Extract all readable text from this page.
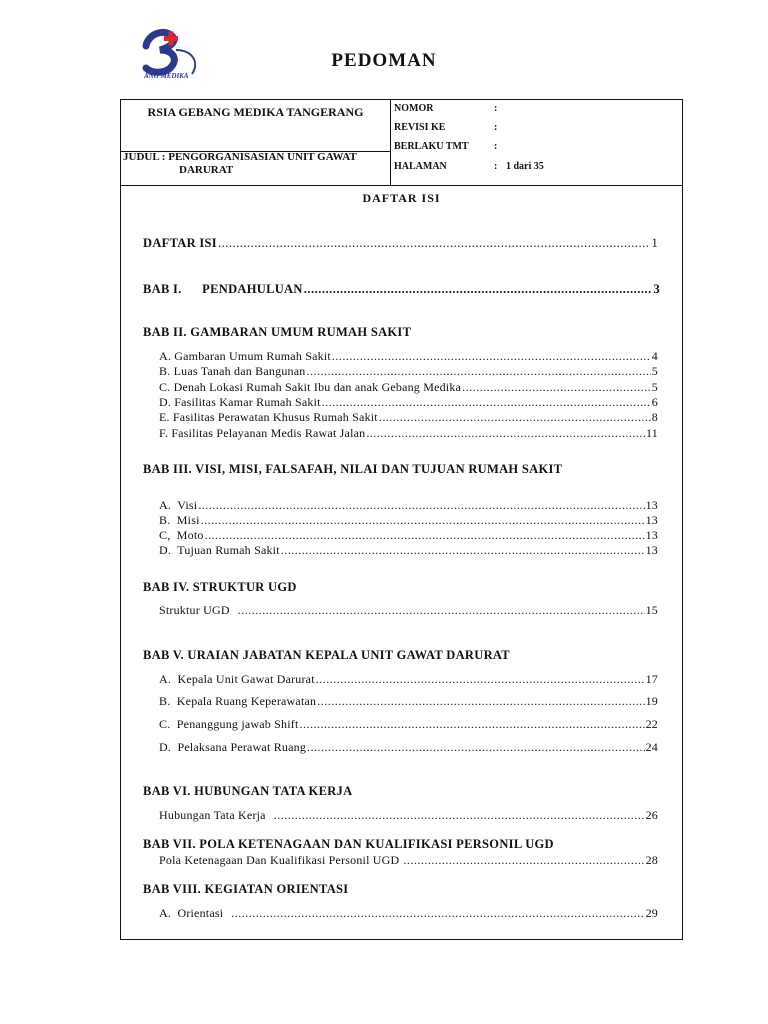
ANG MEDIKA
PEDOMAN
RSIA GEBANG MEDIKA TANGERANG
JUDUL : PENGORGANISASIAN UNIT GAWAT
DARURAT
NOMOR	:
REVISI KE	:
BERLAKU TMT	:
HALAMAN	: 1 dari 35
DAFTAR ISI
DAFTAR ISI .....	1
BAB I.      PENDAHULUAN .....	3
BAB II. GAMBARAN UMUM RUMAH SAKIT
A. Gambaran Umum Rumah Sakit .....	4
B. Luas Tanah dan Bangunan .....	5
C. Denah Lokasi Rumah Sakit Ibu dan anak Gebang Medika .....	5
D. Fasilitas Kamar Rumah Sakit .....	6
E. Fasilitas Perawatan Khusus Rumah Sakit .....	8
F. Fasilitas Pelayanan Medis Rawat Jalan .....	11
BAB III. VISI, MISI, FALSAFAH, NILAI DAN TUJUAN RUMAH SAKIT
A.  Visi .....	13
B.  Misi .....	13
C,  Moto .....	13
D.  Tujuan Rumah Sakit .....	13
BAB IV. STRUKTUR UGD
Struktur UGD .....	15
BAB V. URAIAN JABATAN KEPALA UNIT GAWAT DARURAT
A.  Kepala Unit Gawat Darurat .....	17
B.  Kepala Ruang Keperawatan .....	19
C.  Penanggung jawab Shift .....	22
D.  Pelaksana Perawat Ruang .....	24
BAB VI. HUBUNGAN TATA KERJA
Hubungan Tata Kerja .....	26
BAB VII. POLA KETENAGAAN DAN KUALIFIKASI PERSONIL UGD
Pola Ketenagaan Dan Kualifikasi Personil UGD .....	28
BAB VIII. KEGIATAN ORIENTASI
A.  Orientasi .....	29
